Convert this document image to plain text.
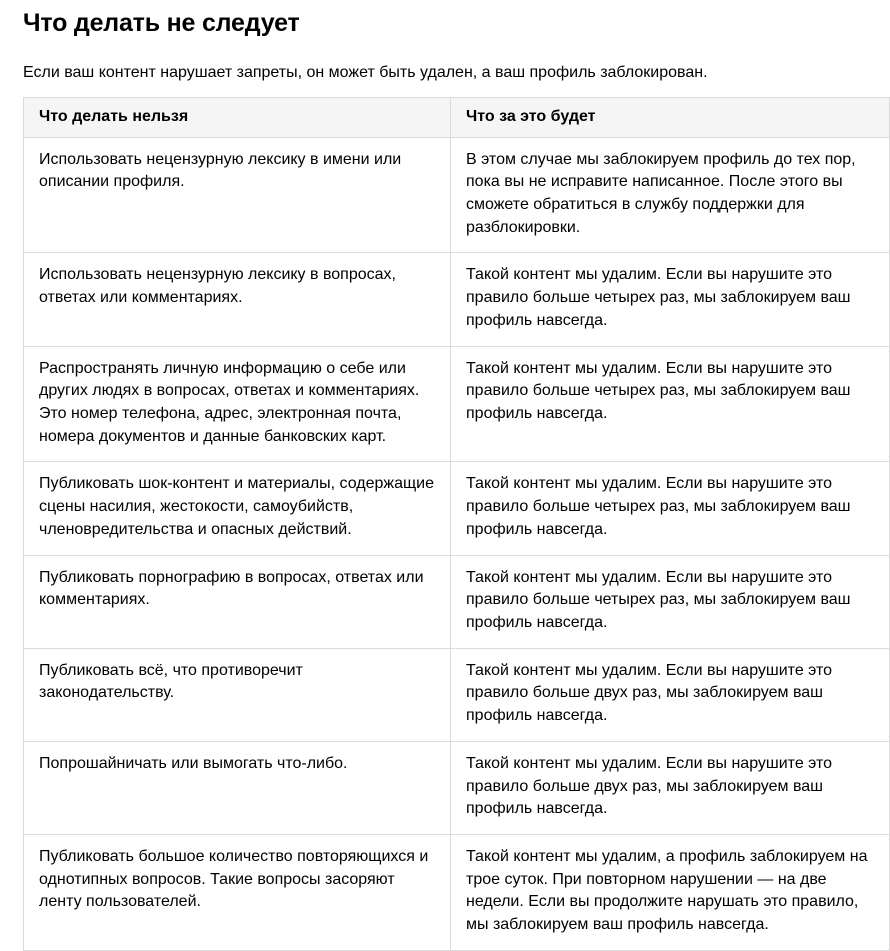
Что делать не следует

Если ваш контент нарушает запреты, он может быть удален, а ваш профиль заблокирован.

Что делать нельзя	Что за это будет
Использовать нецензурную лексику в имени или описании профиля.	В этом случае мы заблокируем профиль до тех пор, пока вы не исправите написанное. После этого вы сможете обратиться в службу поддержки для разблокировки.
Использовать нецензурную лексику в вопросах, ответах или комментариях.	Такой контент мы удалим. Если вы нарушите это правило больше четырех раз, мы заблокируем ваш профиль навсегда.
Распространять личную информацию о себе или других людях в вопросах, ответах и комментариях. Это номер телефона, адрес, электронная почта, номера документов и данные банковских карт.	Такой контент мы удалим. Если вы нарушите это правило больше четырех раз, мы заблокируем ваш профиль навсегда.
Публиковать шок-контент и материалы, содержащие сцены насилия, жестокости, самоубийств, членовредительства и опасных действий.	Такой контент мы удалим. Если вы нарушите это правило больше четырех раз, мы заблокируем ваш профиль навсегда.
Публиковать порнографию в вопросах, ответах или комментариях.	Такой контент мы удалим. Если вы нарушите это правило больше четырех раз, мы заблокируем ваш профиль навсегда.
Публиковать всё, что противоречит законодательству.	Такой контент мы удалим. Если вы нарушите это правило больше двух раз, мы заблокируем ваш профиль навсегда.
Попрошайничать или вымогать что-либо.	Такой контент мы удалим. Если вы нарушите это правило больше двух раз, мы заблокируем ваш профиль навсегда.
Публиковать большое количество повторяющихся и однотипных вопросов. Такие вопросы засоряют ленту пользователей.	Такой контент мы удалим, а профиль заблокируем на трое суток. При повторном нарушении — на две недели. Если вы продолжите нарушать это правило, мы заблокируем ваш профиль навсегда.
